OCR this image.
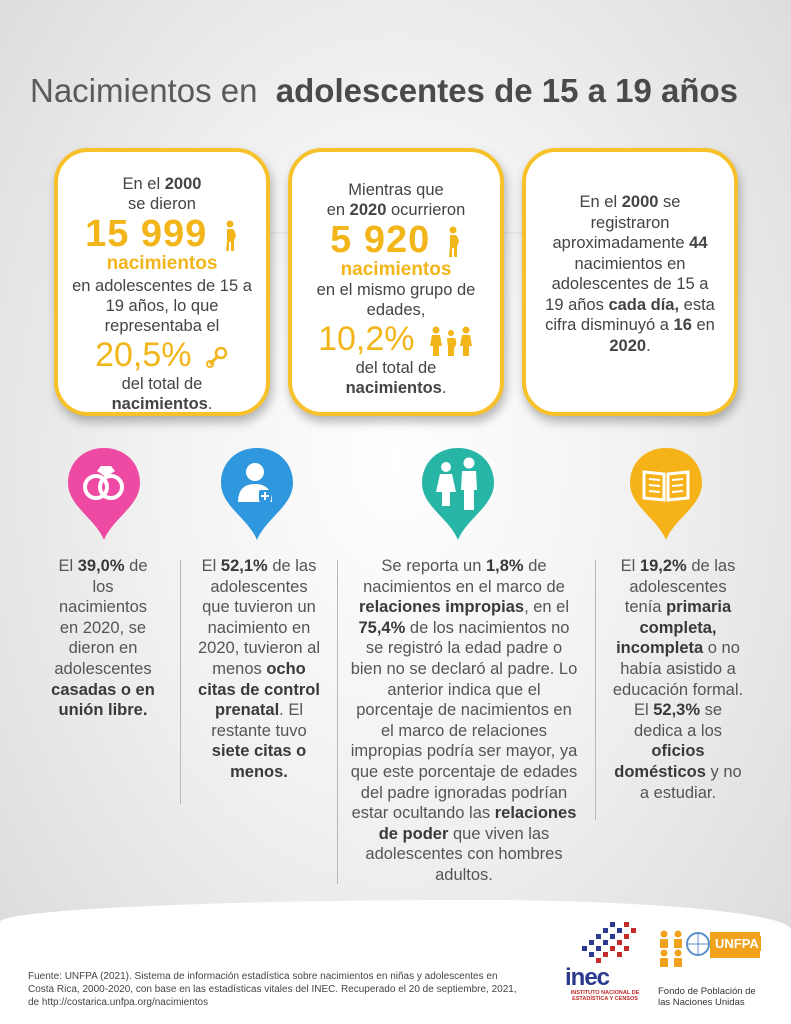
Nacimientos en adolescentes de 15 a 19 años
En el 2000
se dieron
15 999
nacimientos
en adolescentes de 15 a 19 años, lo que representaba el
20,5%
del total de
nacimientos.
Mientras que
en 2020 ocurrieron
5 920
nacimientos
en el mismo grupo de edades,
10,2%
del total de
nacimientos.
En el 2000 se registraron aproximadamente 44 nacimientos en adolescentes de 15 a 19 años cada día, esta cifra disminuyó a 16 en 2020.
El 39,0% de los nacimientos en 2020, se dieron en adolescentes casadas o en unión libre.
El 52,1% de las adolescentes que tuvieron un nacimiento en 2020, tuvieron al menos ocho citas de control prenatal. El restante tuvo siete citas o menos.
Se reporta un 1,8% de nacimientos en el marco de relaciones impropias, en el 75,4% de los nacimientos no se registró la edad padre o bien no se declaró al padre. Lo anterior indica que el porcentaje de nacimientos en el marco de relaciones impropias podría ser mayor, ya que este porcentaje de edades del padre ignoradas podrían estar ocultando las relaciones de poder que viven las adolescentes con hombres adultos.
El 19,2% de las adolescentes tenía primaria completa, incompleta o no había asistido a educación formal.
El 52,3% se dedica a los oficios domésticos y no a estudiar.
Fuente: UNFPA (2021). Sistema de información estadística sobre nacimientos en niñas y adolescentes en Costa Rica, 2000-2020, con base en las estadísticas vitales del INEC. Recuperado el 20 de septiembre, 2021, de http://costarica.unfpa.org/nacimientos
inec
INSTITUTO NACIONAL DE ESTADÍSTICA Y CENSOS
UNFPA
Fondo de Población de las Naciones Unidas
